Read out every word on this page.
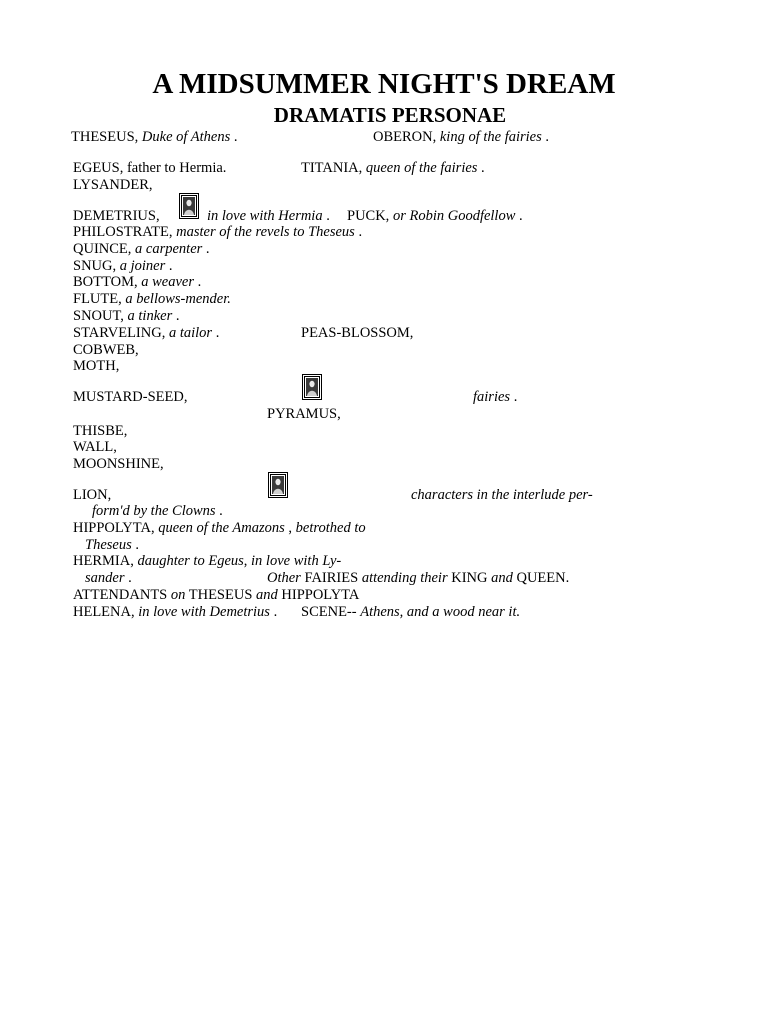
A MIDSUMMER NIGHT'S DREAM
DRAMATIS PERSONAE
THESEUS, Duke of Athens .	OBERON, king of the fairies .
EGEUS, father to Hermia.	TITANIA, queen of the fairies .
LYSANDER,
DEMETRIUS,	in love with Hermia . PUCK, or Robin Goodfellow .
PHILOSTRATE, master of the revels to Theseus .
QUINCE, a carpenter .
SNUG, a joiner .
BOTTOM, a weaver .
FLUTE, a bellows-mender.
SNOUT, a tinker .
STARVELING, a tailor .	PEAS-BLOSSOM,
COBWEB,
MOTH,
MUSTARD-SEED,	fairies .
PYRAMUS,
THISBE,
WALL,
MOONSHINE,
LION,	characters in the interlude per-
form'd by the Clowns .
HIPPOLYTA, queen of the Amazons , betrothed to
Theseus .
HERMIA, daughter to Egeus, in love with Ly-
sander .	Other FAIRIES attending their KING and QUEEN.
ATTENDANTS on THESEUS and HIPPOLYTA
HELENA, in love with Demetrius . SCENE-- Athens, and a wood near it.
